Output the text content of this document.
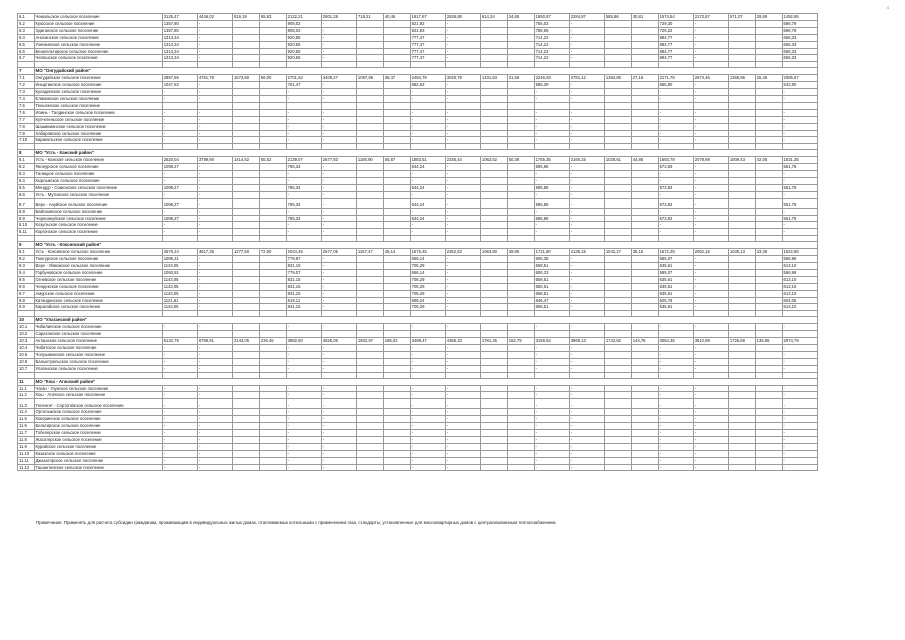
4
6.1	Чемальское сельское поселение	3125,47	4446,02	819,19	65,83	2122,21	2801,28	718,21	40,46	1817,67	2536,88	614,24	34,65	1650,57	2284,87	585,86	30,81	1574,54	2173,67	571,07	29,89	1492,85
6.2	Куюсское сельское поселение	1357,80	-			905,02	-			821,92	-			755,03	-			729,30	-			686,79
6.3	Эдиганское сельское поселение	1357,80	-			905,02	-			821,93	-			788,69	-			729,22	-			696,79
6.4	Аносинское сельское поселение	1313,34	-			920,55	-			777,47	-			714,22	-			694,77	-			656,33
6.5	Узнезинское сельское поселение	1313,34	-			920,55	-			777,47	-			714,22	-			694,77	-			656,33
6.6	Бешпельтирское сельское поселение	1313,34	-			920,55	-			777,47	-			714,22	-			694,77	-			656,33
6.7	Чепошское сельское поселение	1313,34	-			920,55	-			777,47	-			714,22	-			694,77	-			656,33

7	МО "Онгудайский район"																					
7.1	Онгудайское сельское поселение	2857,56	4761,79	1573,60	56,00	2701,52	3409,27	1087,96	38,47	2494,79	3025,79	1431,63	31,58	2246,03	2781,12	1392,80	27,18	2171,78	2673,46	1366,96	25,45	2085,57
7.2	Иныргинское сельское поселение	1047,63	-			751,47	-			682,53	-			585,39	-			565,80	-			542,80
7.3	Куладинское сельское поселение	-	-			-	-			-	-			-	-			-	-			-
7.4	Еланинское сельское поселение	-	-			-	-			-	-			-	-			-	-			-
7.5	Теньгинское сельское поселение																					
7.6	Иоинь - Талдинское сельское поселение	-	-			-	-			-	-			-	-			-	-			-
7.7	Купчегеньское сельское поселение	-	-			-	-			-	-			-	-			-	-			-
7.8	Шашикманское сельское поселение	-	-			-	-			-	-			-	-			-	-			-
7.9	Хабаровское сельское поселение	-	-			-	-			-	-			-	-			-	-			-
7.10	Каракольское сельское поселение	-	-			-	-			-	-			-	-			-	-			-

8	МО "Усть - Канский район"																					
8.1	Усть - Канское сельское поселение	2620,04	3799,90	1414,52	65,52	2139,07	2677,83	1180,90	55,87	1883,51	2345,44	1062,52	50,38	1755,35	2160,15	1025,61	44,86	1693,78	2079,99	1009,43	42,05	1631,35
8.2	Яконурское сельское поселение	1098,27	-			785,34	-			644,24	-			595,86	-			573,83	-			551,78
8.3	Талицкое сельское поселение	-	-			-	-			-	-			-	-			-	-			-
8.4	Кырлыкское сельское поселение	-	-			-	-			-	-			-	-			-	-			-
8.5	Мендур - Сокконское сельское поселение	1098,27	-			785,34	-			644,24	-			595,86	-			573,83	-			551,78
8.6	Усть - Мутинское сельское поселение	-	-			-	-			-	-			-	-			-	-			-
8.7	Верх - Ануйское сельское поселение	1098,27	-			785,34	-			644,24	-			595,86	-			573,83	-			551,78
8.8	Байгазинское сельское поселение	-	-			-	-			-	-			-	-			-	-			-
8.9	Черноануйское сельское поселение	1098,27	-			785,34	-			644,24	-			595,86	-			573,83	-			551,78
8.10	Козульское сельское поселение	-	-			-	-			-	-			-	-			-	-			-
8.11	Коргонское сельское поселение	-	-			-	-			-	-			-	-			-	-			-

9	МО "Усть - Коксинский район"																					
9.1	Усть - Коксинское сельское поселение	2579,24	3617,35	1277,50	72,50	2044,45	2577,05	1157,47	46,14	1875,45	2352,53	1063,60	39,86	1721,60	2136,15	1042,27	35,15	1672,28	2052,15	1035,13	33,36	1622,86
9.2	Тюнгурское сельское поселение	1095,31	-			779,87	-			666,14	-			605,38	-			585,07	-			566,96
9.3	Верх - Уймонское сельское поселение	1143,05	-			831,15	-			705,29	-			658,51	-			635,61	-			613,10
9.4	Горбуновское сельское поселение	1093,91	-			779,07	-			666,14	-			606,33	-			585,07	-			566,96
9.5	Огневское сельское поселение	1143,05	-			831,15	-			705,29	-			658,51	-			635,61	-			613,10
9.6	Чендекское сельское поселение	1143,05	-			831,15	-			705,29	-			658,51	-			635,61	-			613,10
9.7	Амурское сельское поселение	1143,05	-			831,15	-			705,29	-			658,51	-			635,61	-			613,10
9.8	Катандинское сельское поселение	1121,61	-			819,11	-			698,24	-			646,47	-			625,78	-			604,05
9.9	Карагайское сельское поселение	1143,05	-			831,15	-			705,29	-			658,51	-			635,61	-			613,10

10	МО "Улаганский район"																					
10.1	Чибилинское сельское поселение	-	-			-	-			-	-			-	-			-	-			-
10.2	Саратанское сельское поселение																					
10.3	Акташское сельское поселение	5132,79	6759,91	2143,05	236,45	3882,50	4825,06	1802,97	186,02	3498,47	4365,33	1781,45	162,79	3159,53	3969,13	1742,82	144,76	3064,35	3812,99	1725,69	135,86	2974,79
10.4	Чибитское сельское поселение	-	-			-	-			-	-			-	-			-	-			-
10.5	Чолушманское сельское поселение	-	-			-	-			-	-			-	-			-	-			-
10.6	Балыктуюльское сельское поселение	-	-			-	-			-	-			-	-			-	-			-
10.7	Улаганское сельское поселение	-	-			-	-			-	-			-	-			-	-			-

11	МО "Кош - Агачский район"																					
11.1	Чаган - Узунское сельское поселение	-	-			-	-			-	-			-	-			-	-			-
11.2	Кош - Агачское сельское поселение	-	-			-	-			-	-			-	-			-	-			-
11.3	Теленгит - Сортогойское сельское поселение	-	-			-	-			-	-			-	-			-	-			-
11.4	Ортолыкское сельское поселение	-	-			-	-			-	-			-	-			-	-			-
11.5	Кокоринское сельское поселение	-	-			-	-			-	-			-	-			-	-			-
11.6	Бельтирское сельское поселение	-	-			-	-			-	-			-	-			-	-			-
11.7	Тобелерское сельское поселение	-	-			-	-			-	-			-	-			-	-			-
11.8	Жасатерское сельское поселение	-	-			-	-			-	-			-	-			-	-			-
11.9	Курайское сельское поселение	-	-			-	-			-	-			-	-			-	-			-
11.10	Казахское сельское поселение	-	-			-	-			-	-			-	-			-	-			-
11.11	Джазаторское сельское поселение	-	-			-	-			-	-			-	-			-	-			-
11.12	Ташантинское сельское поселение	-	-			-	-			-	-			-	-			-	-			-
Примечание: Применять для расчета субсидии гражданам, проживающим в индивидуальных жилых домах, отапливаемых котельными с применением газа, стандарты, установленные для многоквартирных домов с централизованным теплоснабжением.
